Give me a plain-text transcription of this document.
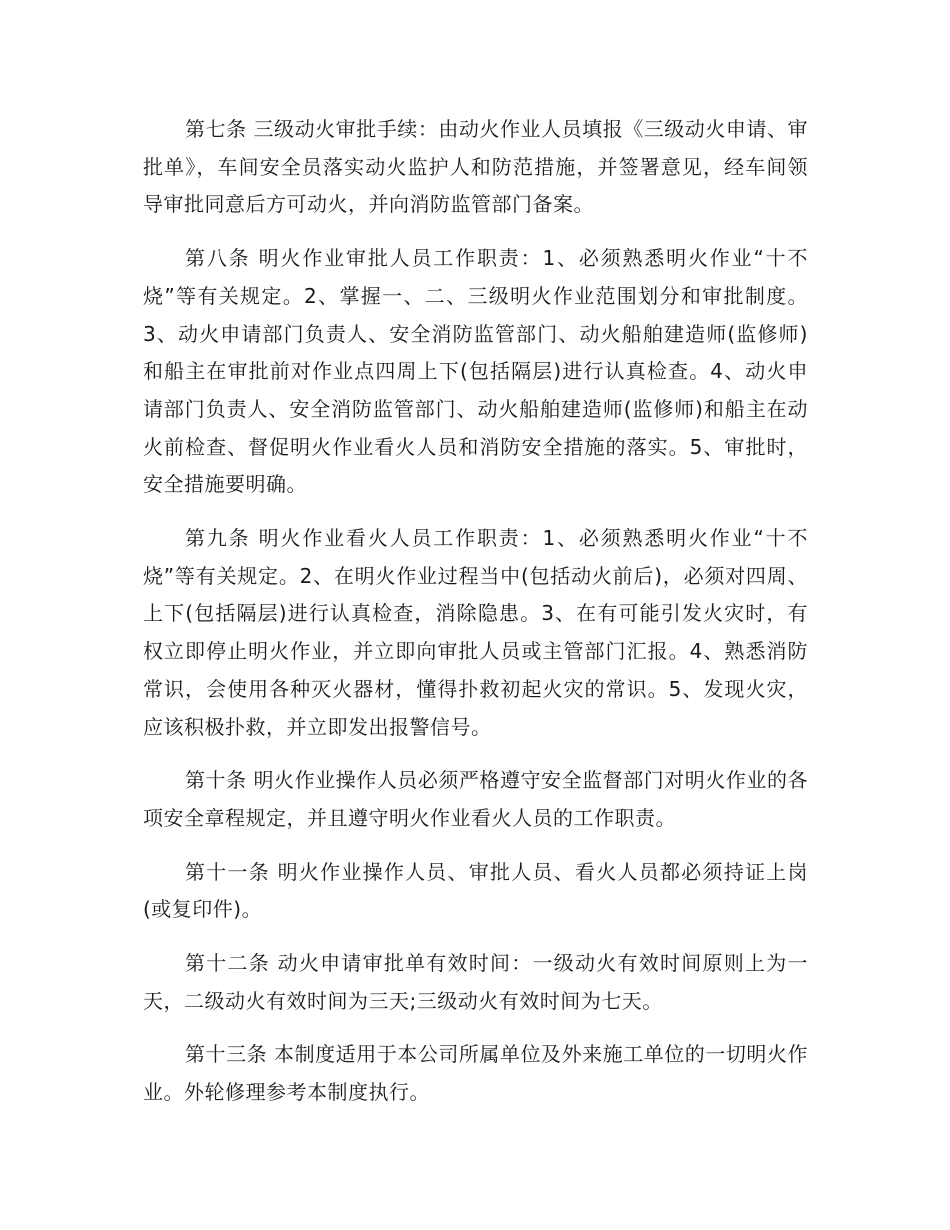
第七条 三级动火审批手续：由动火作业人员填报《三级动火申请、审批单》，车间安全员落实动火监护人和防范措施，并签署意见，经车间领导审批同意后方可动火，并向消防监管部门备案。

第八条 明火作业审批人员工作职责：1、必须熟悉明火作业“十不烧”等有关规定。2、掌握一、二、三级明火作业范围划分和审批制度。3、动火申请部门负责人、安全消防监管部门、动火船舶建造师(监修师)和船主在审批前对作业点四周上下(包括隔层)进行认真检查。4、动火申请部门负责人、安全消防监管部门、动火船舶建造师(监修师)和船主在动火前检查、督促明火作业看火人员和消防安全措施的落实。5、审批时，安全措施要明确。

第九条 明火作业看火人员工作职责：1、必须熟悉明火作业“十不烧”等有关规定。2、在明火作业过程当中(包括动火前后)，必须对四周、上下(包括隔层)进行认真检查，消除隐患。3、在有可能引发火灾时，有权立即停止明火作业，并立即向审批人员或主管部门汇报。4、熟悉消防常识，会使用各种灭火器材，懂得扑救初起火灾的常识。5、发现火灾，应该积极扑救，并立即发出报警信号。

第十条 明火作业操作人员必须严格遵守安全监督部门对明火作业的各项安全章程规定，并且遵守明火作业看火人员的工作职责。

第十一条 明火作业操作人员、审批人员、看火人员都必须持证上岗(或复印件)。

第十二条 动火申请审批单有效时间：一级动火有效时间原则上为一天，二级动火有效时间为三天;三级动火有效时间为七天。

第十三条 本制度适用于本公司所属单位及外来施工单位的一切明火作业。外轮修理参考本制度执行。
